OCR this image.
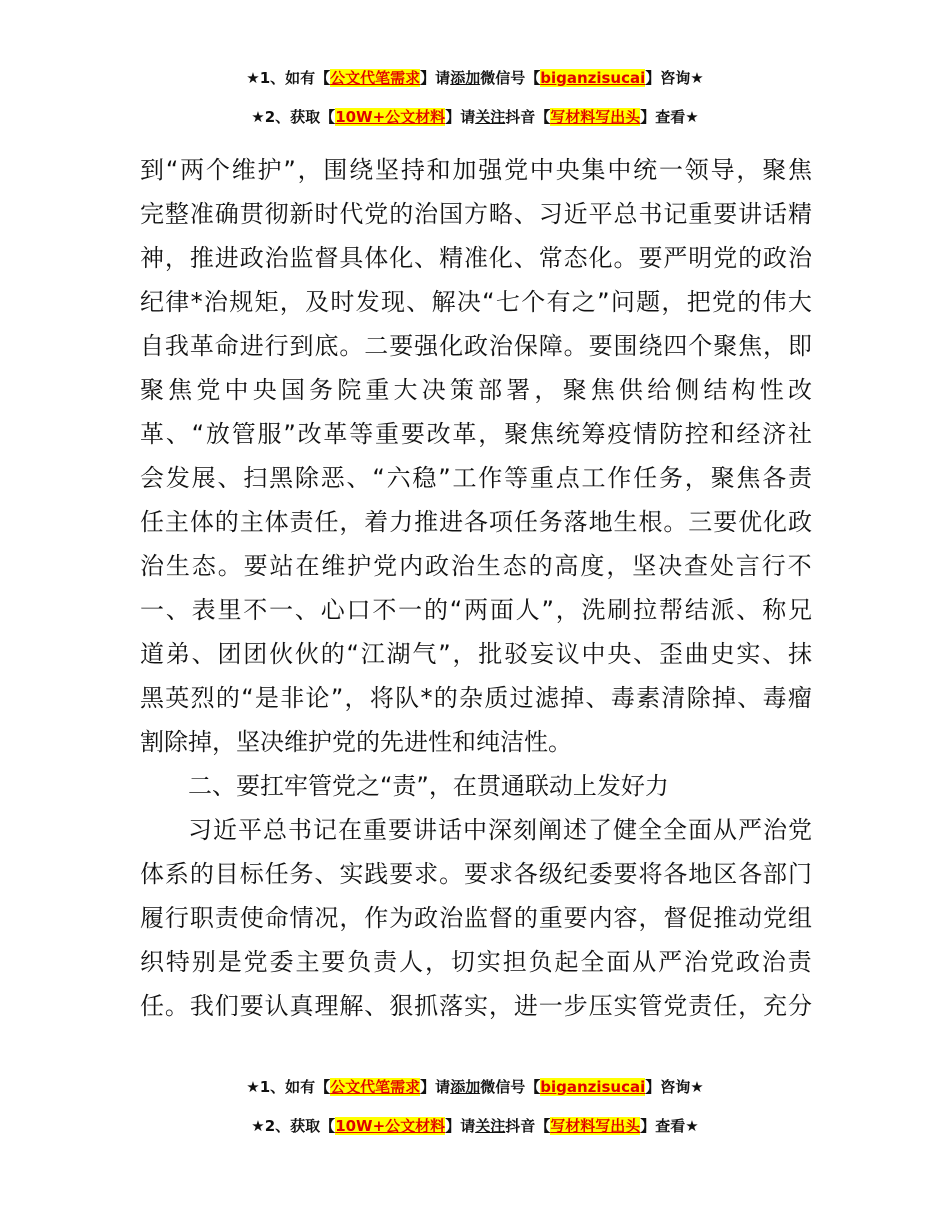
★1、如有【公文代笔需求】请添加微信号【biganzisucai】咨询★
★2、获取【10W+公文材料】请关注抖音【写材料写出头】查看★
到 “ 两 个 维 护 ” ， 围 绕 坚 持 和 加 强 党 中 央 集 中 统 一 领 导 ， 聚 焦
完 整 准 确 贯 彻 新 时 代 党 的 治 国 方 略 、 习 近 平 总 书 记 重 要 讲 话 精
神 ， 推 进 政 治 监 督 具 体 化 、 精 准 化 、 常 态 化 。 要 严 明 党 的 政 治
纪 律 * 治 规 矩 ， 及 时 发 现 、 解 决 “ 七 个 有 之 ” 问 题 ， 把 党 的 伟 大
自 我 革 命 进 行 到 底 。 二 要 强 化 政 治 保 障 。 要 围 绕 四 个 聚 焦 ， 即
聚 焦 党 中 央 国 务 院 重 大 决 策 部 署 ， 聚 焦 供 给 侧 结 构 性 改
革 、 “ 放 管 服 ” 改 革 等 重 要 改 革 ， 聚 焦 统 筹 疫 情 防 控 和 经 济 社
会 发 展 、 扫 黑 除 恶 、 “ 六 稳 ” 工 作 等 重 点 工 作 任 务 ， 聚 焦 各 责
任 主 体 的 主 体 责 任 ， 着 力 推 进 各 项 任 务 落 地 生 根 。 三 要 优 化 政
治 生 态 。 要 站 在 维 护 党 内 政 治 生 态 的 高 度 ， 坚 决 查 处 言 行 不
一 、 表 里 不 一 、 心 口 不 一 的 “ 两 面 人 ” ， 洗 刷 拉 帮 结 派 、 称 兄
道 弟 、 团 团 伙 伙 的 “ 江 湖 气 ” ， 批 驳 妄 议 中 央 、 歪 曲 史 实 、 抹
黑 英 烈 的 “ 是 非 论 ” ， 将 队 * 的 杂 质 过 滤 掉 、 毒 素 清 除 掉 、 毒 瘤
割除掉，坚决维护党的先进性和纯洁性。
二、要扛牢管党之“责”，在贯通联动上发好力
习 近 平 总 书 记 在 重 要 讲 话 中 深 刻 阐 述 了 健 全 全 面 从 严 治 党
体 系 的 目 标 任 务 、 实 践 要 求 。 要 求 各 级 纪 委 要 将 各 地 区 各 部 门
履 行 职 责 使 命 情 况 ， 作 为 政 治 监 督 的 重 要 内 容 ， 督 促 推 动 党 组
织 特 别 是 党 委 主 要 负 责 人 ， 切 实 担 负 起 全 面 从 严 治 党 政 治 责
任 。 我 们 要 认 真 理 解 、 狠 抓 落 实 ， 进 一 步 压 实 管 党 责 任 ， 充 分
★1、如有【公文代笔需求】请添加微信号【biganzisucai】咨询★
★2、获取【10W+公文材料】请关注抖音【写材料写出头】查看★
